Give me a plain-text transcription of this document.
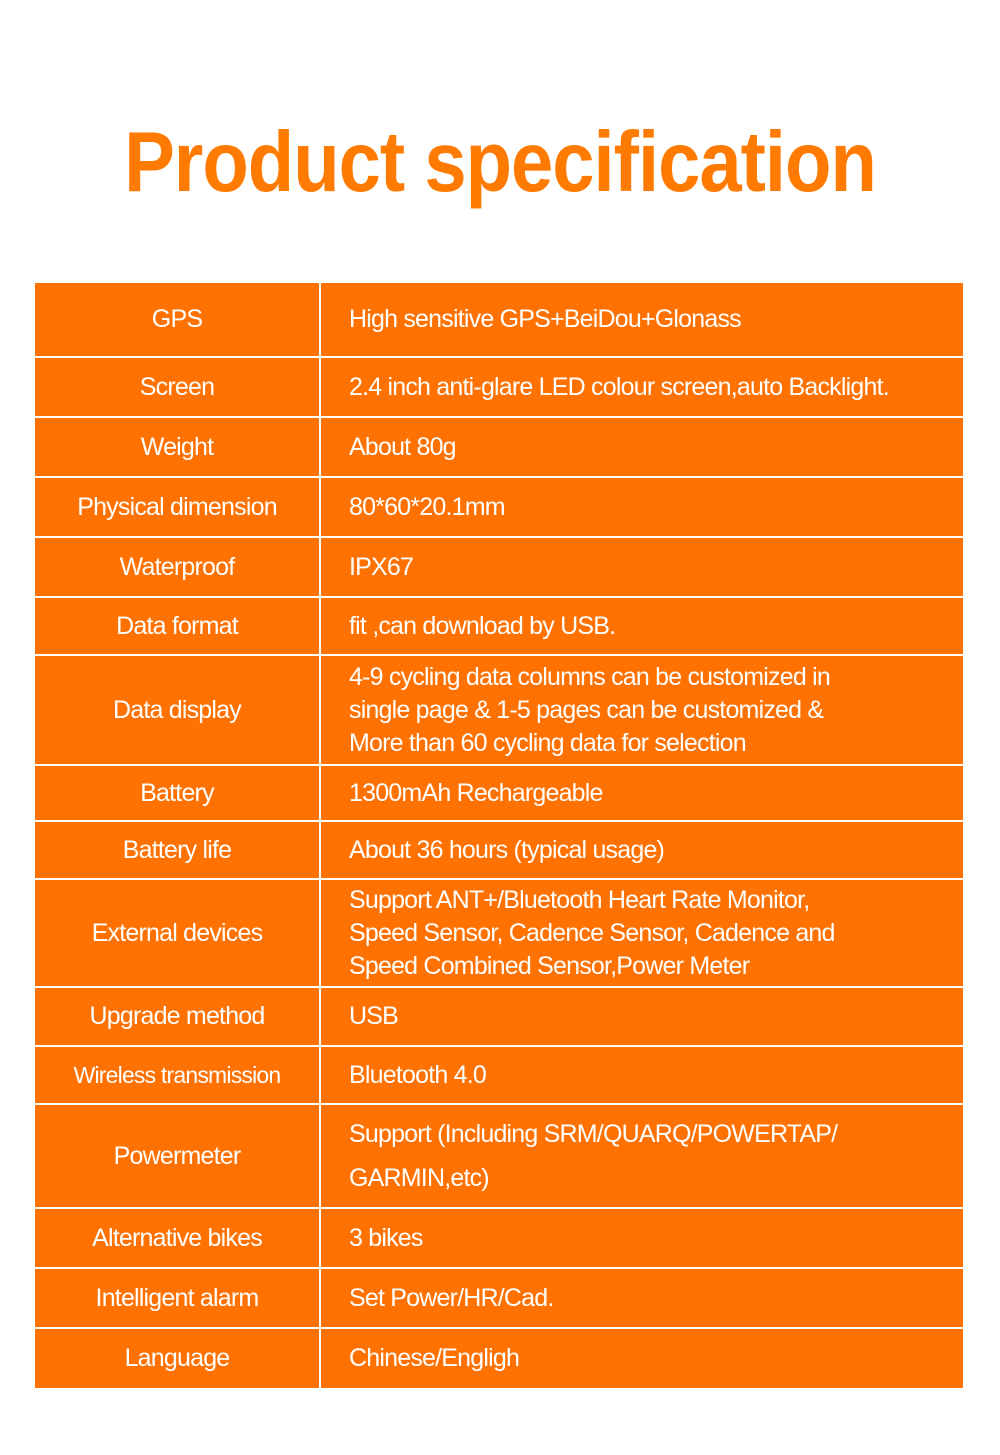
Product specification
GPS	High sensitive GPS+BeiDou+Glonass
Screen	2.4 inch anti-glare LED colour screen,auto Backlight.
Weight	About 80g
Physical dimension	80*60*20.1mm
Waterproof	IPX67
Data format	fit ,can download by USB.
Data display	4-9 cycling data columns can be customized in
single page & 1-5 pages can be customized &
More than 60 cycling data for selection

Battery	1300mAh Rechargeable
Battery life	About 36 hours (typical usage)
External devices	Support ANT+/Bluetooth Heart Rate Monitor,
Speed Sensor, Cadence Sensor, Cadence and
Speed Combined Sensor,Power Meter

Upgrade method	USB
Wireless transmission	Bluetooth 4.0
Powermeter	Support (Including SRM/QUARQ/POWERTAP/
GARMIN,etc)

Alternative bikes	3 bikes
Intelligent alarm	Set Power/HR/Cad.
Language	Chinese/Engligh
